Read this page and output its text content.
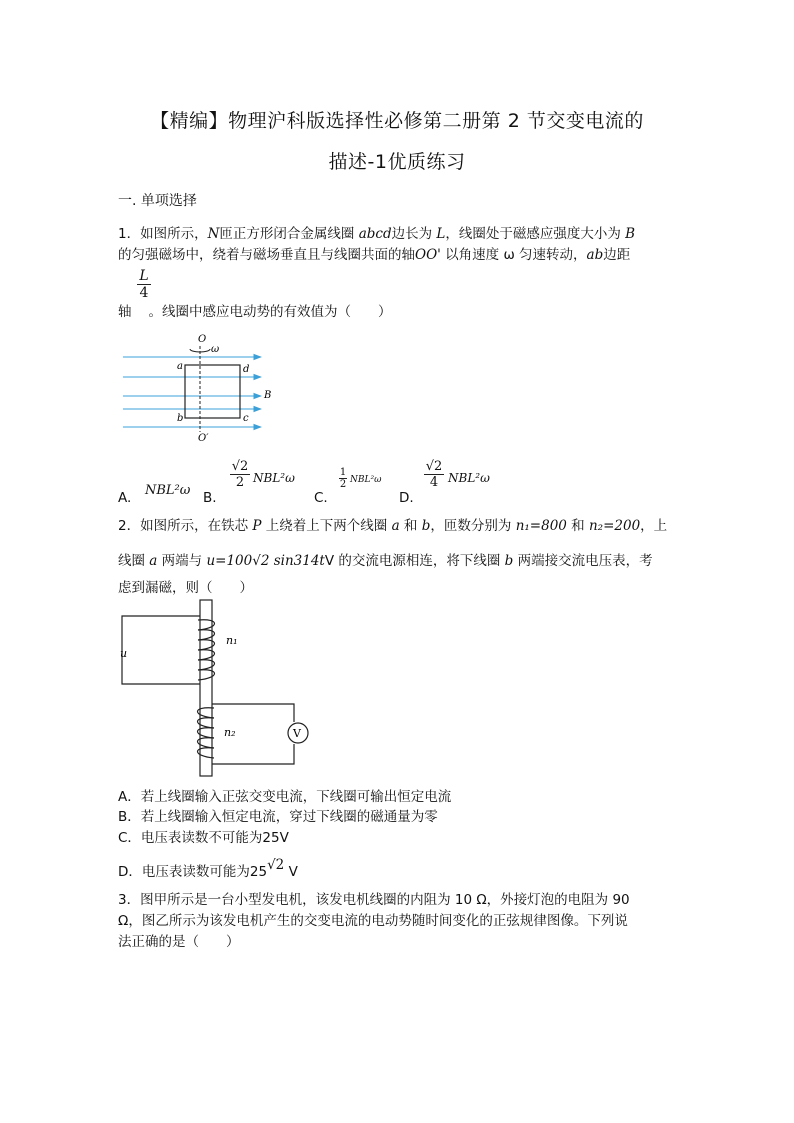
【精编】物理沪科版选择性必修第二册第 2 节交变电流的
描述-1优质练习
一. 单项选择
1．如图所示，N匝正方形闭合金属线圈 abcd边长为 L，线圈处于磁感应强度大小为 B
的匀强磁场中，绕着与磁场垂直且与线圈共面的轴OO' 以角速度 ω 匀速转动，ab边距
L
4
轴 。线圈中感应电动势的有效值为（　　）
O
ω
a	d
B
b	c
O′
A. NBL²ω B.
√2
2 NBL²ω
C.
1
2 NBL²ω
D.
√2
4 NBL²ω
2．如图所示，在铁芯 P 上绕着上下两个线圈 a 和 b，匝数分别为 n₁=800 和 n₂=200，上
线圈 a 两端与 u=100√2 sin314tV 的交流电源相连，将下线圈 b 两端接交流电压表，考
虑到漏磁，则（　　）
u
n₁
n₂	V
A．若上线圈输入正弦交变电流，下线圈可输出恒定电流
B．若上线圈输入恒定电流，穿过下线圈的磁通量为零
C．电压表读数不可能为25V
D．电压表读数可能为25√2 V
3．图甲所示是一台小型发电机，该发电机线圈的内阻为 10 Ω，外接灯泡的电阻为 90
Ω，图乙所示为该发电机产生的交变电流的电动势随时间变化的正弦规律图像。下列说
法正确的是（　　）
